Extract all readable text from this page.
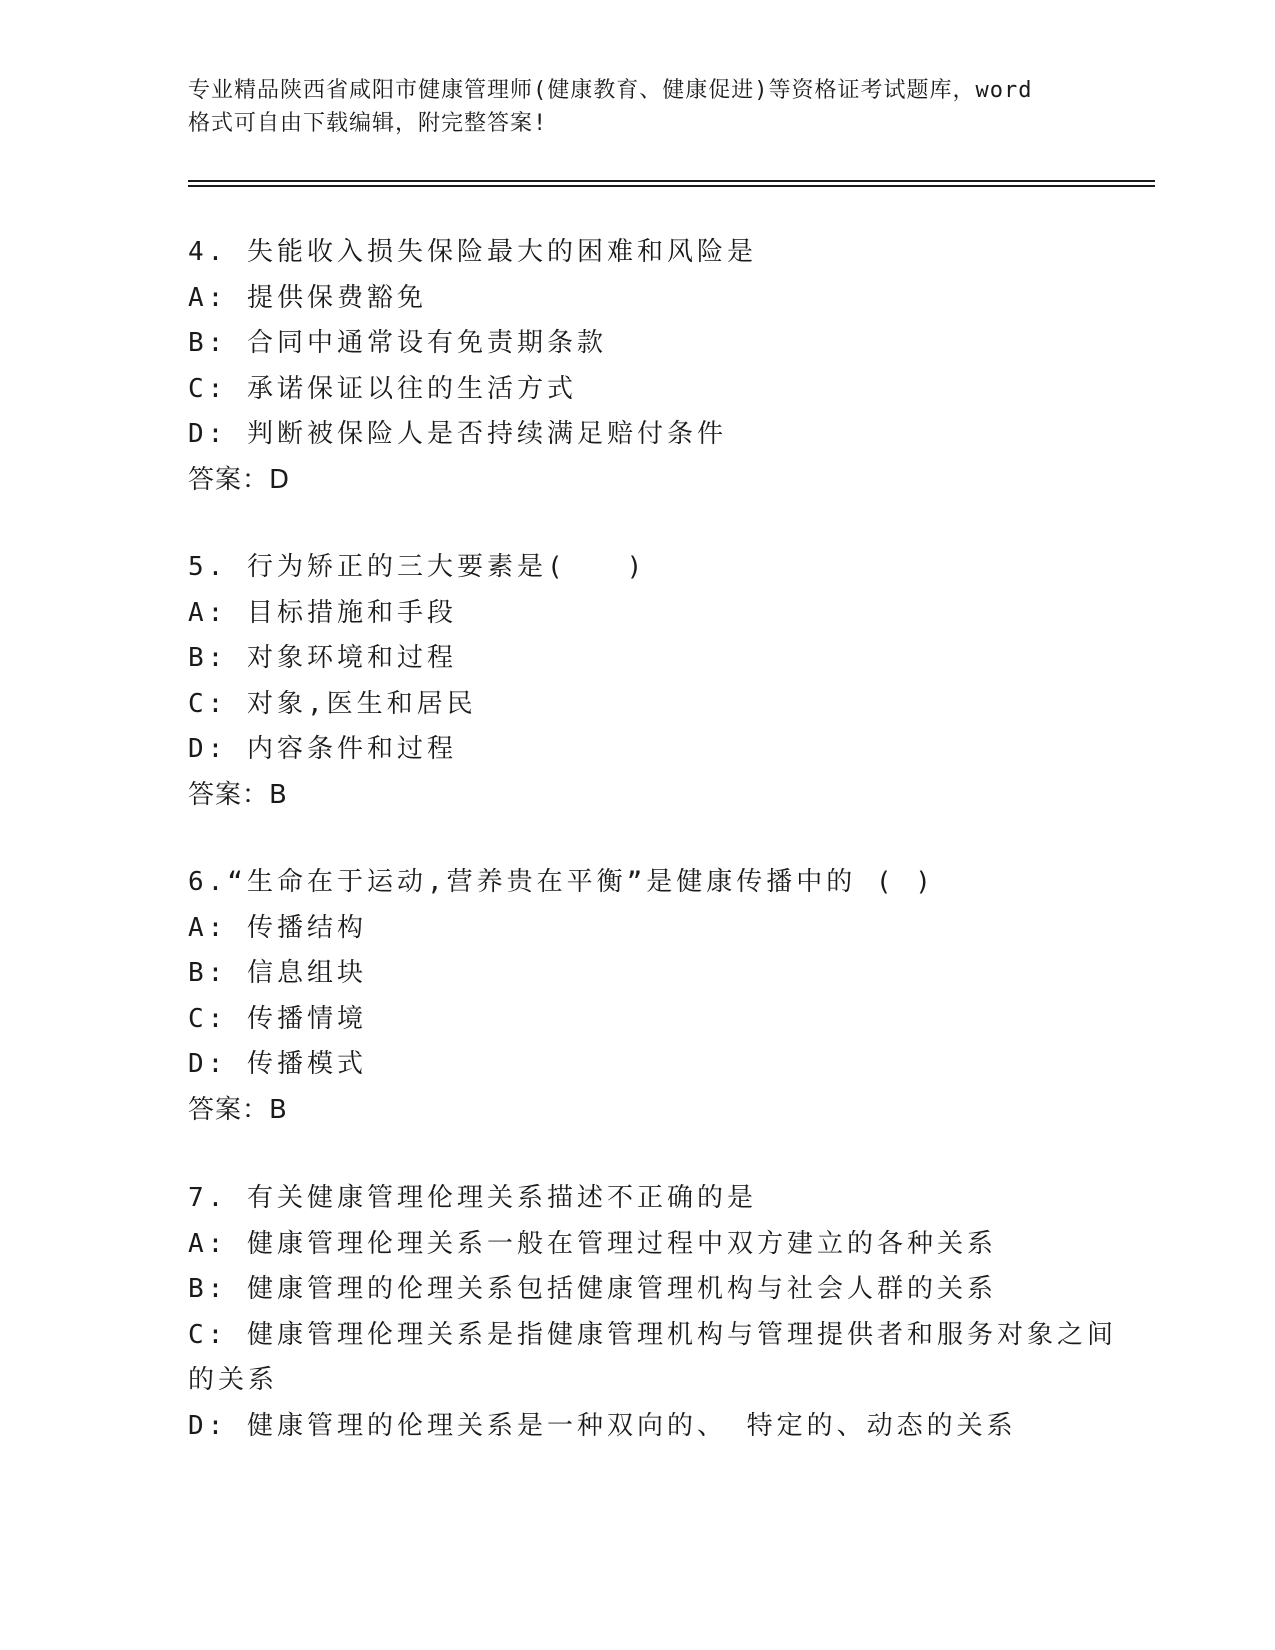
专业精品陕西省咸阳市健康管理师(健康教育、健康促进)等资格证考试题库，word
格式可自由下载编辑，附完整答案!
4. 失能收入损失保险最大的困难和风险是
A: 提供保费豁免
B: 合同中通常设有免责期条款
C: 承诺保证以往的生活方式
D: 判断被保险人是否持续满足赔付条件
答案：D
5. 行为矫正的三大要素是(　　)
A: 目标措施和手段
B: 对象环境和过程
C: 对象,医生和居民
D: 内容条件和过程
答案：B
6.“生命在于运动,营养贵在平衡”是健康传播中的 ( )
A: 传播结构
B: 信息组块
C: 传播情境
D: 传播模式
答案：B
7. 有关健康管理伦理关系描述不正确的是
A: 健康管理伦理关系一般在管理过程中双方建立的各种关系
B: 健康管理的伦理关系包括健康管理机构与社会人群的关系
C: 健康管理伦理关系是指健康管理机构与管理提供者和服务对象之间
的关系
D: 健康管理的伦理关系是一种双向的、 特定的、动态的关系
